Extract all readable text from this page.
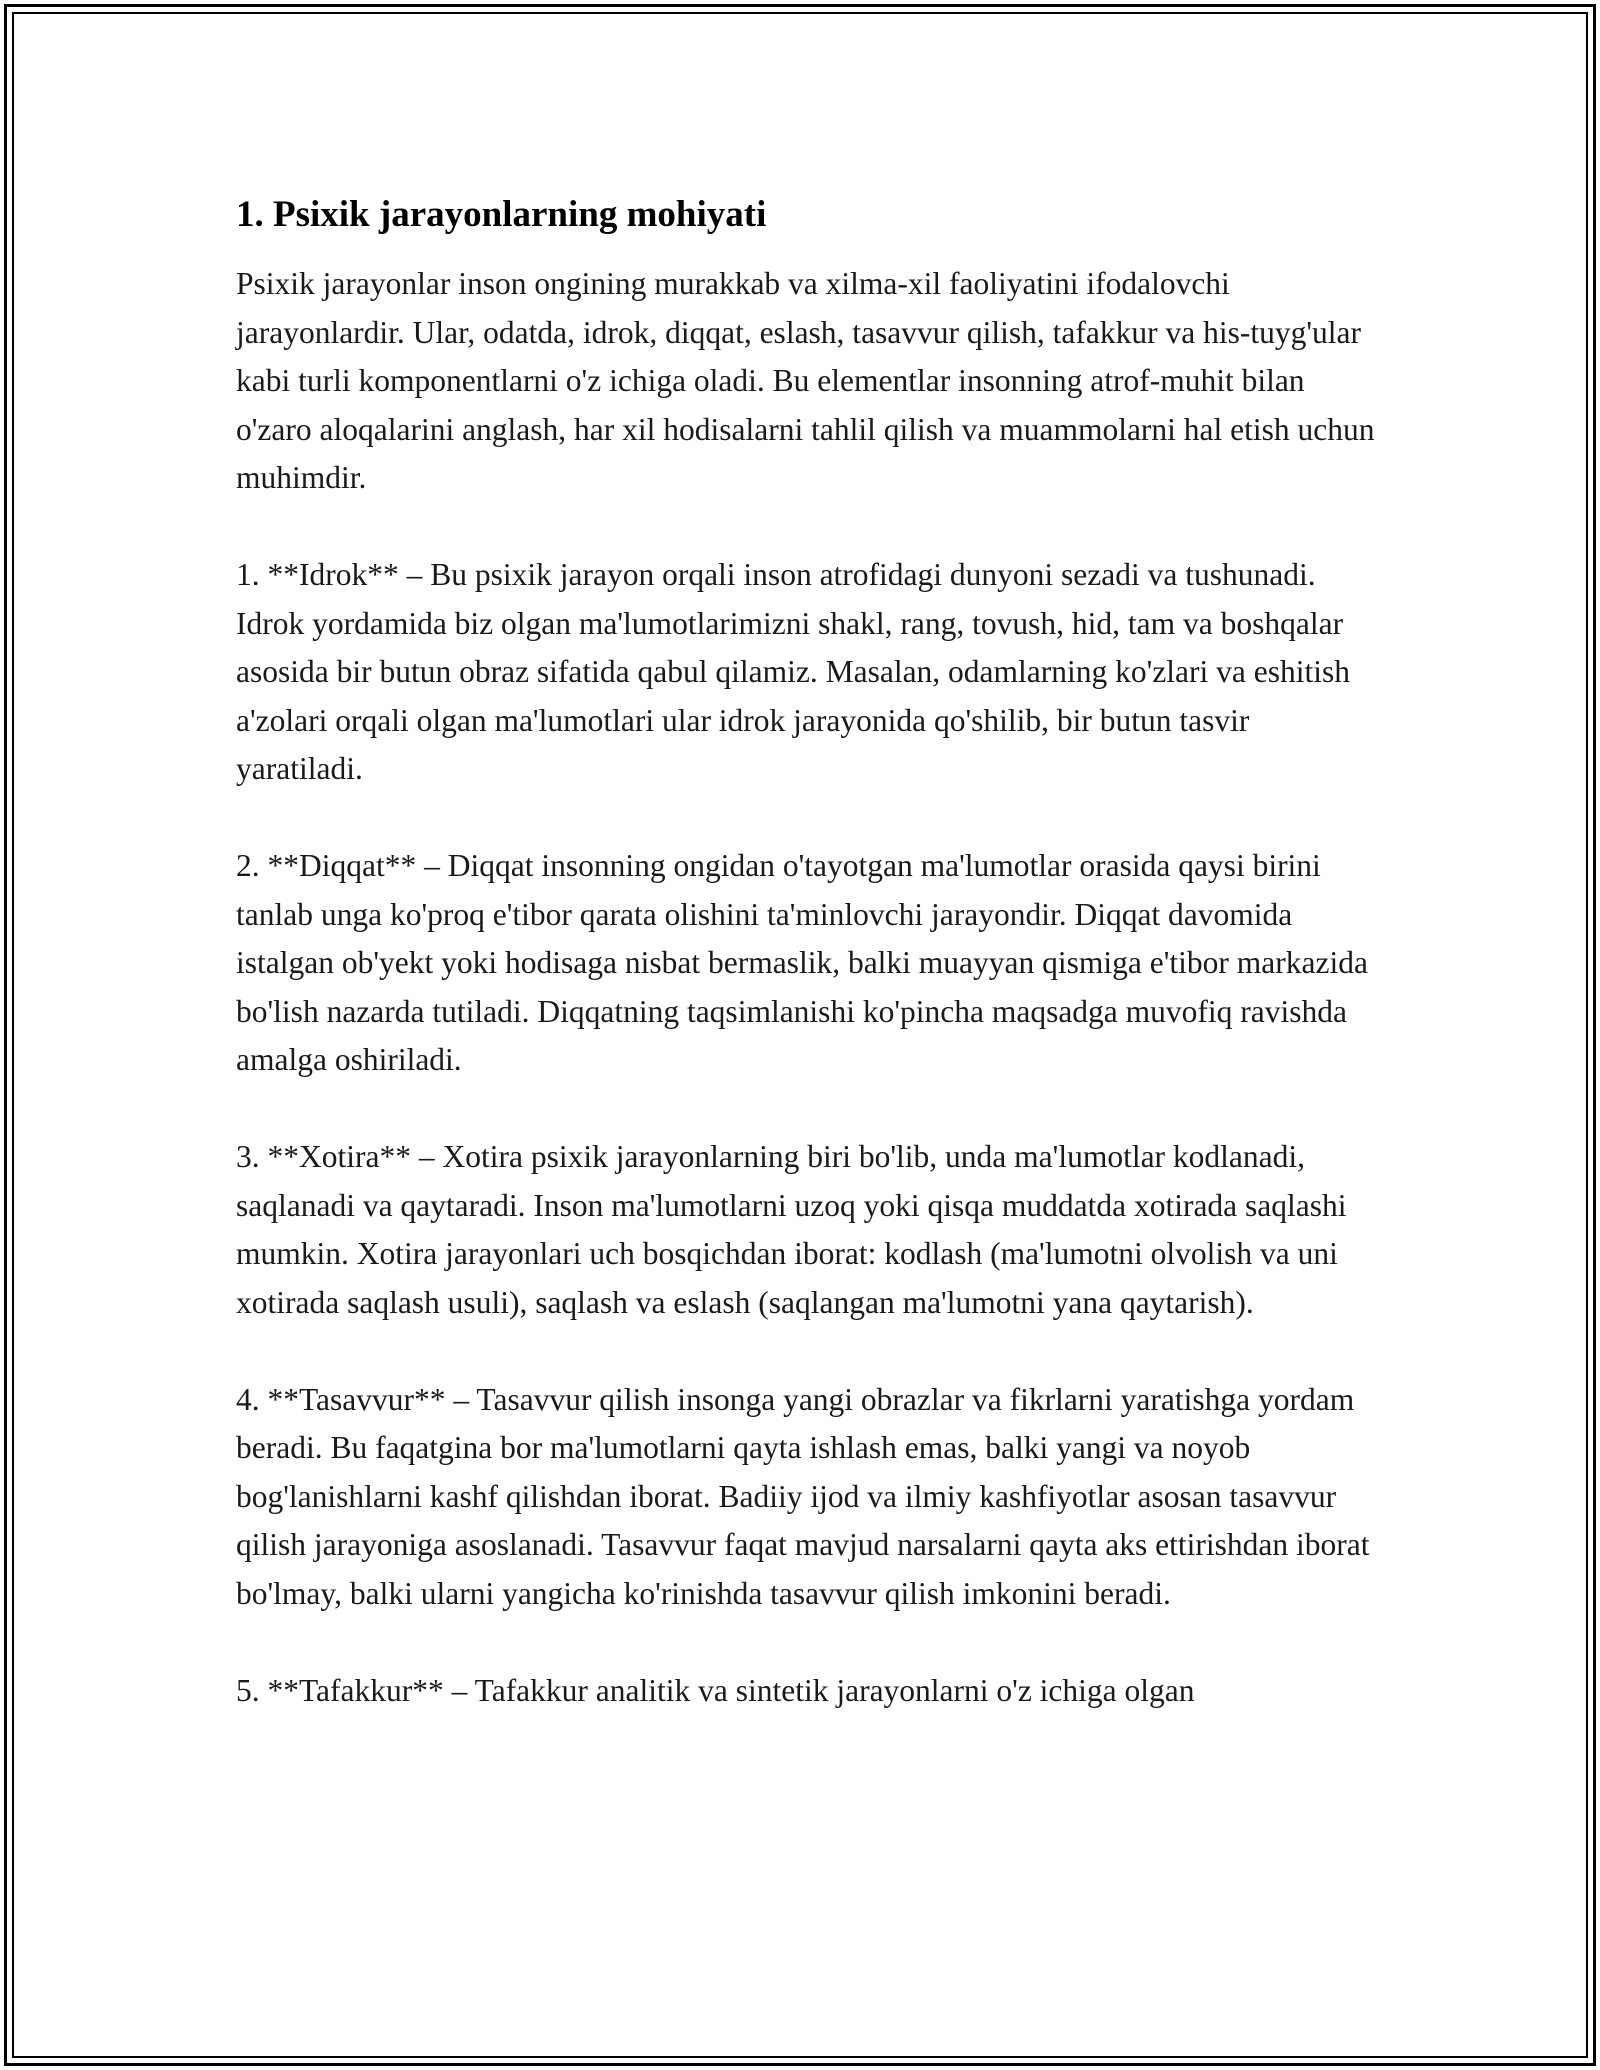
1. Psixik jarayonlarning mohiyati

Psixik jarayonlar inson ongining murakkab va xilma-xil faoliyatini ifodalovchi jarayonlardir. Ular, odatda, idrok, diqqat, eslash, tasavvur qilish, tafakkur va his-tuyg'ular kabi turli komponentlarni o'z ichiga oladi. Bu elementlar insonning atrof-muhit bilan o'zaro aloqalarini anglash, har xil hodisalarni tahlil qilish va muammolarni hal etish uchun muhimdir.

1. **Idrok** – Bu psixik jarayon orqali inson atrofidagi dunyoni sezadi va tushunadi. Idrok yordamida biz olgan ma'lumotlarimizni shakl, rang, tovush, hid, tam va boshqalar asosida bir butun obraz sifatida qabul qilamiz. Masalan, odamlarning ko'zlari va eshitish a'zolari orqali olgan ma'lumotlari ular idrok jarayonida qo'shilib, bir butun tasvir yaratiladi.

2. **Diqqat** – Diqqat insonning ongidan o'tayotgan ma'lumotlar orasida qaysi birini tanlab unga ko'proq e'tibor qarata olishini ta'minlovchi jarayondir. Diqqat davomida istalgan ob'yekt yoki hodisaga nisbat bermaslik, balki muayyan qismiga e'tibor markazida bo'lish nazarda tutiladi. Diqqatning taqsimlanishi ko'pincha maqsadga muvofiq ravishda amalga oshiriladi.

3. **Xotira** – Xotira psixik jarayonlarning biri bo'lib, unda ma'lumotlar kodlanadi, saqlanadi va qaytaradi. Inson ma'lumotlarni uzoq yoki qisqa muddatda xotirada saqlashi mumkin. Xotira jarayonlari uch bosqichdan iborat: kodlash (ma'lumotni olvolish va uni xotirada saqlash usuli), saqlash va eslash (saqlangan ma'lumotni yana qaytarish).

4. **Tasavvur** – Tasavvur qilish insonga yangi obrazlar va fikrlarni yaratishga yordam beradi. Bu faqatgina bor ma'lumotlarni qayta ishlash emas, balki yangi va noyob bog'lanishlarni kashf qilishdan iborat. Badiiy ijod va ilmiy kashfiyotlar asosan tasavvur qilish jarayoniga asoslanadi. Tasavvur faqat mavjud narsalarni qayta aks ettirishdan iborat bo'lmay, balki ularni yangicha ko'rinishda tasavvur qilish imkonini beradi.

5. **Tafakkur** – Tafakkur analitik va sintetik jarayonlarni o'z ichiga olgan
